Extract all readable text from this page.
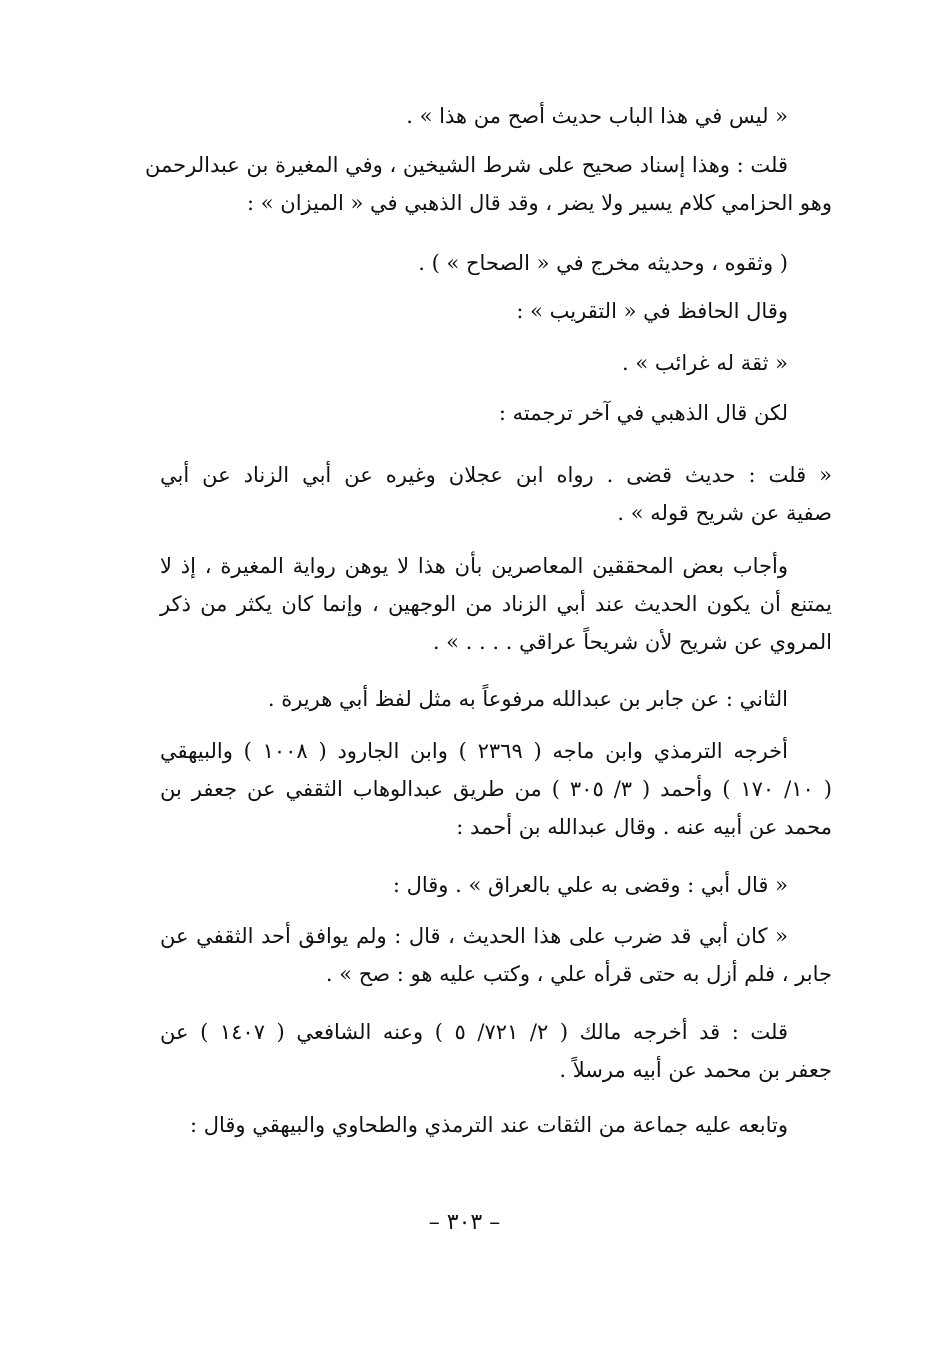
« ليس في هذا الباب حديث أصح من هذا » .

قلت : وهذا إسناد صحيح على شرط الشيخين ، وفي المغيرة بن عبدالرحمن
وهو الحزامي كلام يسير ولا يضر ، وقد قال الذهبي في « الميزان » :

( وثقوه ، وحديثه مخرج في « الصحاح » ) .

وقال الحافظ في « التقريب » :

« ثقة له غرائب » .

لكن قال الذهبي في آخر ترجمته :

« قلت : حديث قضى . رواه ابن عجلان وغيره عن أبي الزناد عن أبي
صفية عن شريح قوله » .

وأجاب بعض المحققين المعاصرين بأن هذا لا يوهن رواية المغيرة ، إذ لا
يمتنع أن يكون الحديث عند أبي الزناد من الوجهين ، وإنما كان يكثر من ذكر
المروي عن شريح لأن شريحاً عراقي . . . . » .

الثاني : عن جابر بن عبدالله مرفوعاً به مثل لفظ أبي هريرة .

أخرجه الترمذي وابن ماجه ( ٢٣٦٩ ) وابن الجارود ( ١٠٠٨ ) والبيهقي
( ١٠/ ١٧٠ ) وأحمد ( ٣/ ٣٠٥ ) من طريق عبدالوهاب الثقفي عن جعفر بن
محمد عن أبيه عنه . وقال عبدالله بن أحمد :

« قال أبي : وقضى به علي بالعراق » . وقال :

« كان أبي قد ضرب على هذا الحديث ، قال : ولم يوافق أحد الثقفي عن
جابر ، فلم أزل به حتى قرأه علي ، وكتب عليه هو : صح » .

قلت : قد أخرجه مالك ( ٢/ ٧٢١/ ٥ ) وعنه الشافعي ( ١٤٠٧ ) عن
جعفر بن محمد عن أبيه مرسلاً .

وتابعه عليه جماعة من الثقات عند الترمذي والطحاوي والبيهقي وقال :

– ٣٠٣ –
